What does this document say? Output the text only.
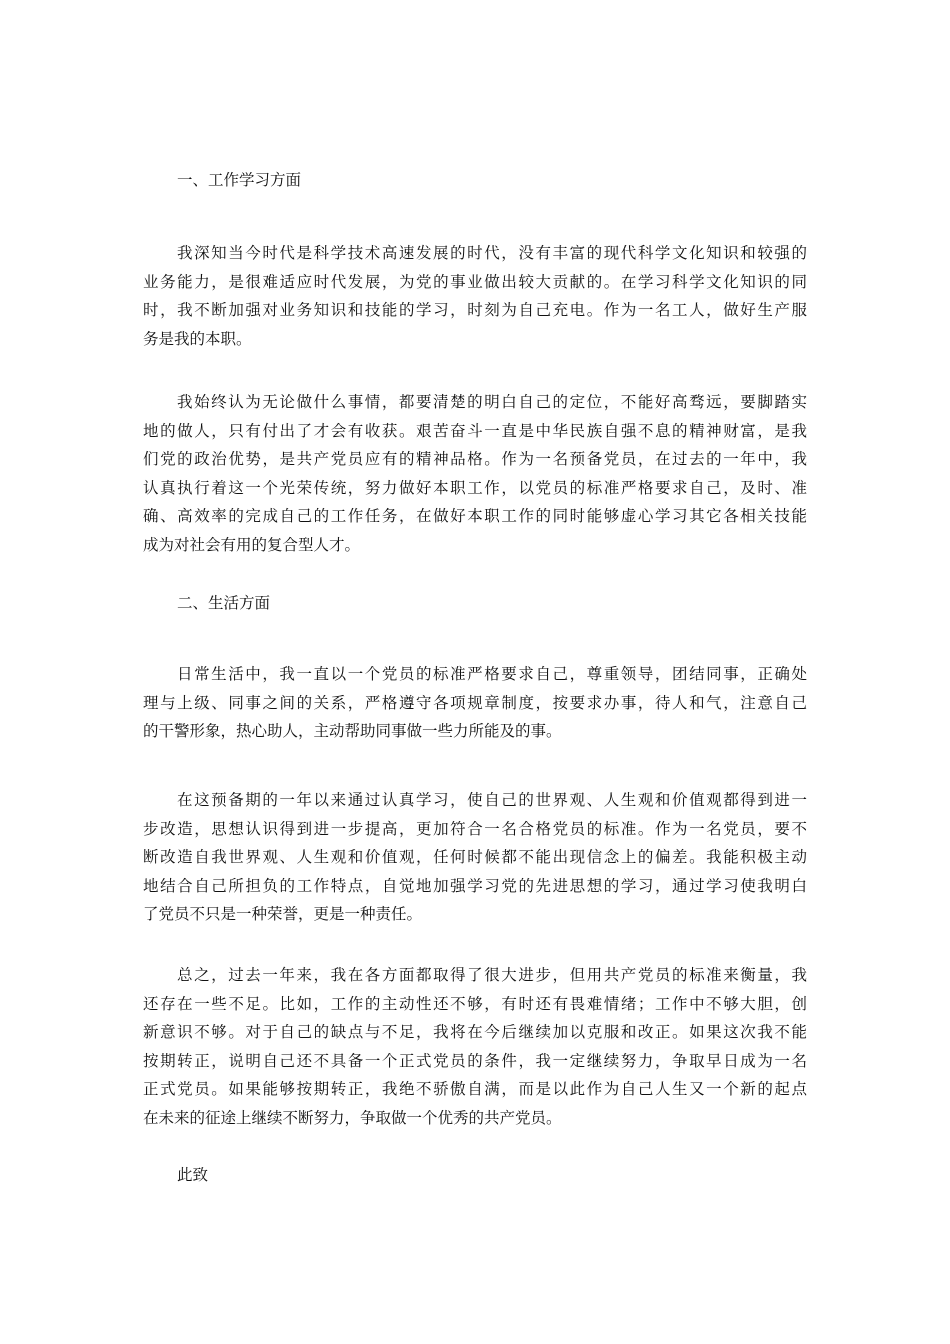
一、工作学习方面

我深知当今时代是科学技术高速发展的时代，没有丰富的现代科学文化知识和较强的
业务能力，是很难适应时代发展，为党的事业做出较大贡献的。在学习科学文化知识的同
时，我不断加强对业务知识和技能的学习，时刻为自己充电。作为一名工人，做好生产服
务是我的本职。
我始终认为无论做什么事情，都要清楚的明白自己的定位，不能好高骛远，要脚踏实
地的做人，只有付出了才会有收获。艰苦奋斗一直是中华民族自强不息的精神财富，是我
们党的政治优势，是共产党员应有的精神品格。作为一名预备党员，在过去的一年中，我
认真执行着这一个光荣传统，努力做好本职工作，以党员的标准严格要求自己，及时、准
确、高效率的完成自己的工作任务，在做好本职工作的同时能够虚心学习其它各相关技能
成为对社会有用的复合型人才。

二、生活方面

日常生活中，我一直以一个党员的标准严格要求自己，尊重领导，团结同事，正确处
理与上级、同事之间的关系，严格遵守各项规章制度，按要求办事，待人和气，注意自己
的干警形象，热心助人，主动帮助同事做一些力所能及的事。
在这预备期的一年以来通过认真学习，使自己的世界观、人生观和价值观都得到进一
步改造，思想认识得到进一步提高，更加符合一名合格党员的标准。作为一名党员，要不
断改造自我世界观、人生观和价值观，任何时候都不能出现信念上的偏差。我能积极主动
地结合自己所担负的工作特点，自觉地加强学习党的先进思想的学习，通过学习使我明白
了党员不只是一种荣誉，更是一种责任。
总之，过去一年来，我在各方面都取得了很大进步，但用共产党员的标准来衡量，我
还存在一些不足。比如，工作的主动性还不够，有时还有畏难情绪；工作中不够大胆，创
新意识不够。对于自己的缺点与不足，我将在今后继续加以克服和改正。如果这次我不能
按期转正，说明自己还不具备一个正式党员的条件，我一定继续努力，争取早日成为一名
正式党员。如果能够按期转正，我绝不骄傲自满，而是以此作为自己人生又一个新的起点
在未来的征途上继续不断努力，争取做一个优秀的共产党员。

此致
